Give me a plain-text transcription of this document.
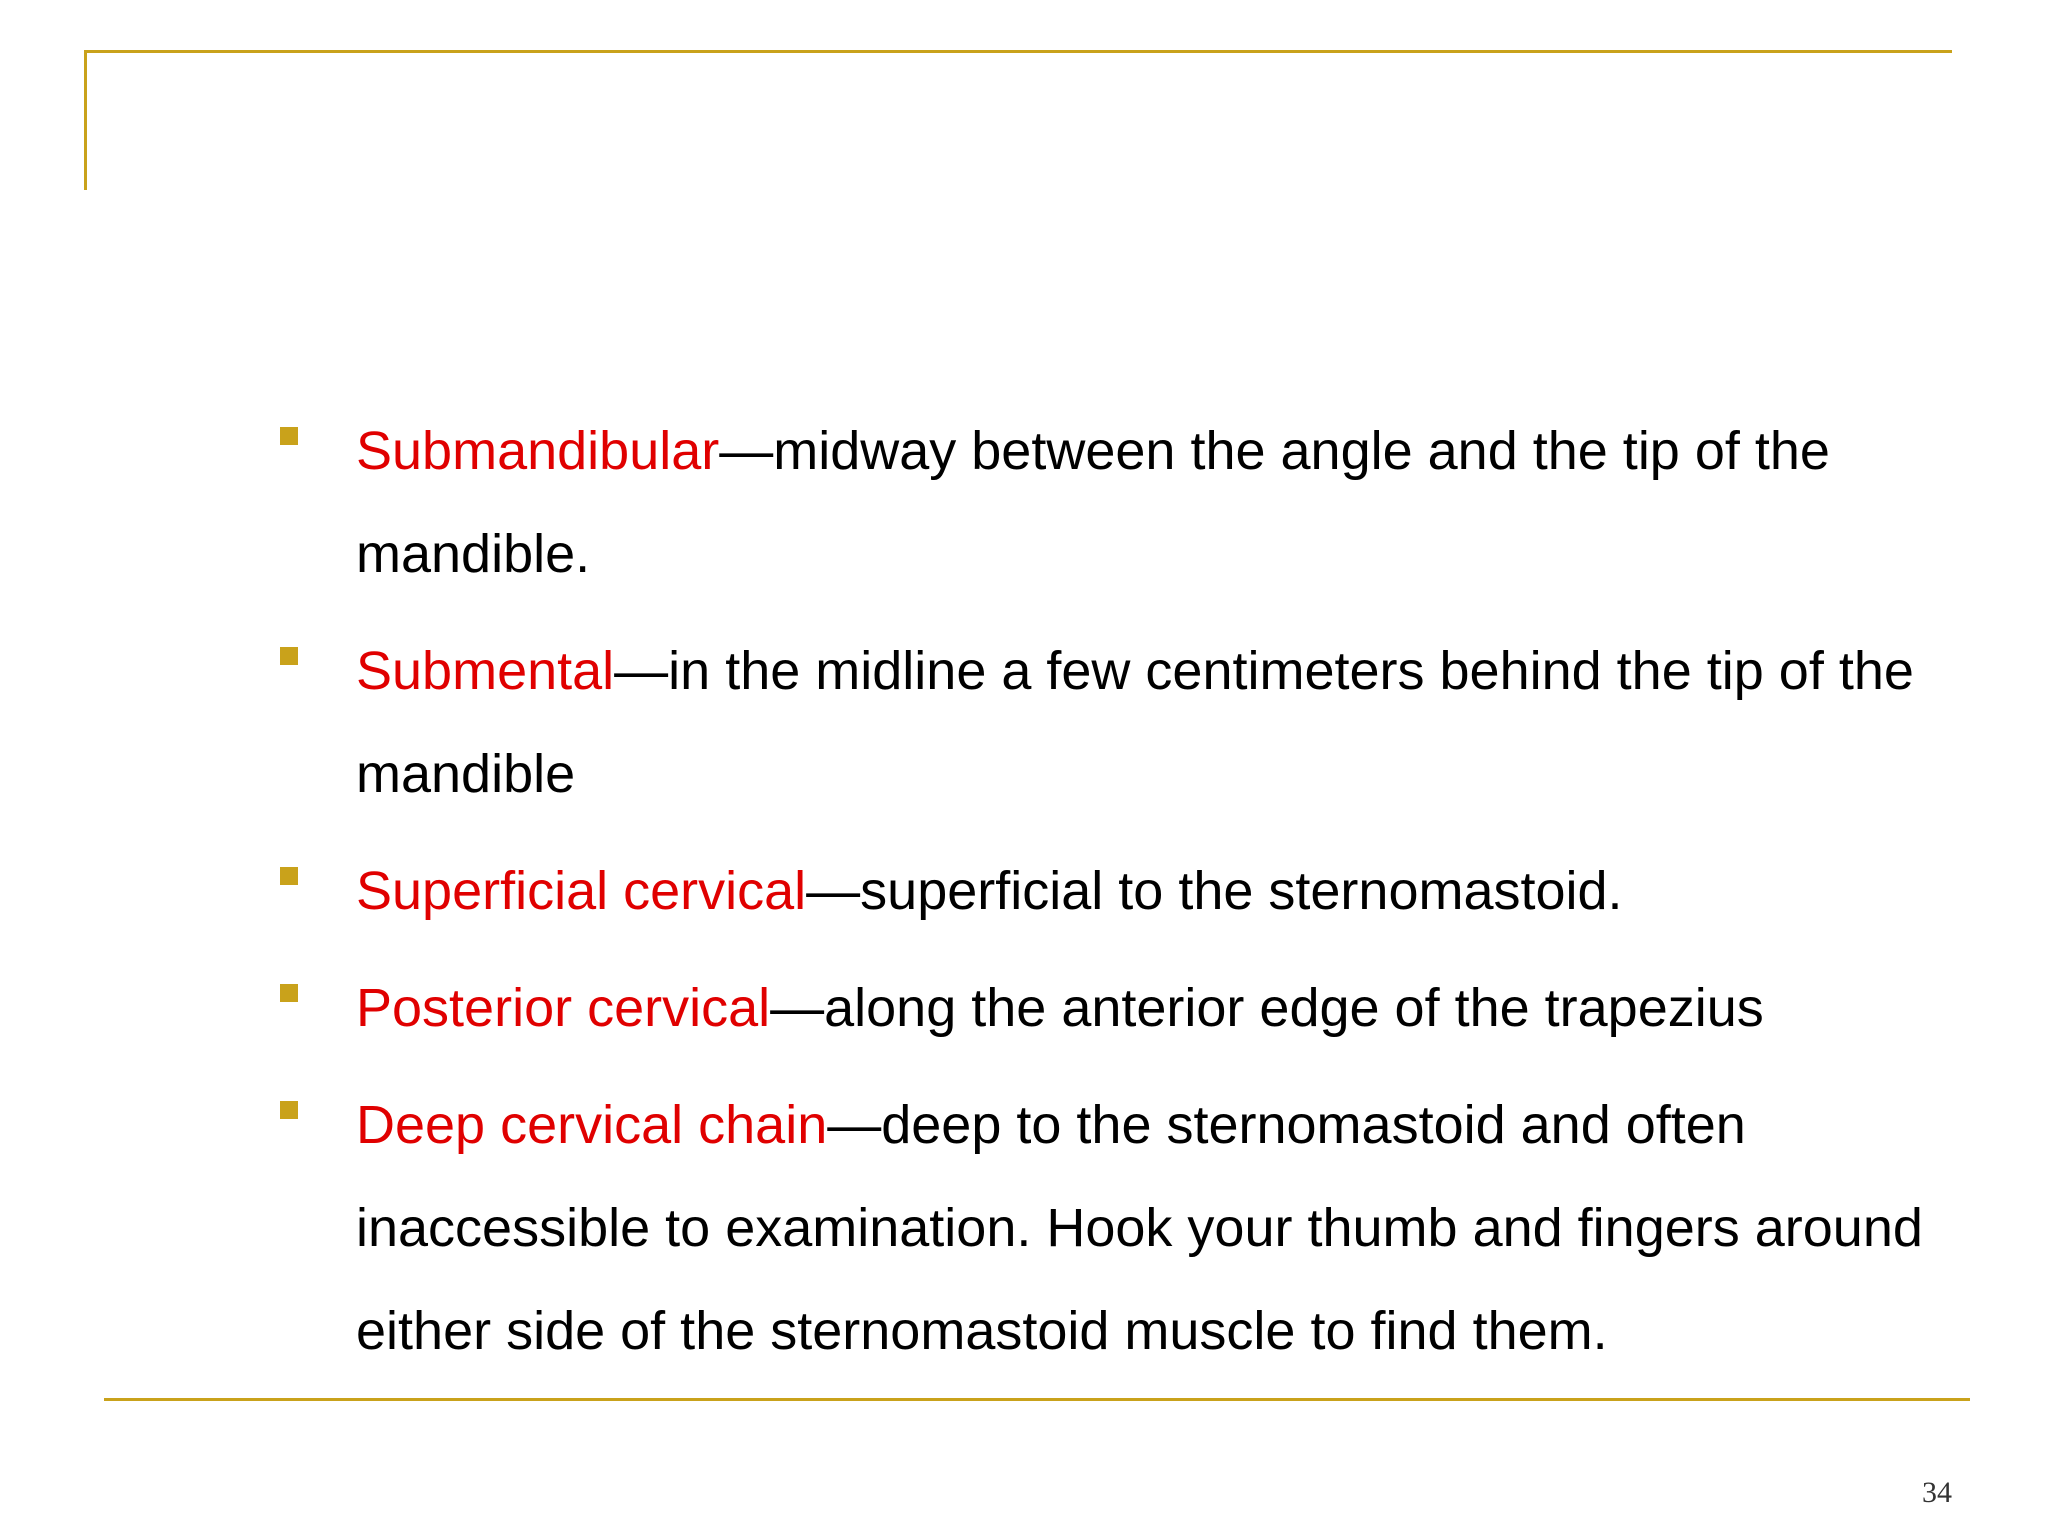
Submandibular—midway between the angle and the tip of the mandible.
Submental—in the midline a few centimeters behind the tip of the mandible
Superficial cervical—superficial to the sternomastoid.
Posterior cervical—along the anterior edge of the trapezius
Deep cervical chain—deep to the sternomastoid and often inaccessible to examination. Hook your thumb and fingers around either side of the sternomastoid muscle to find them.
34
